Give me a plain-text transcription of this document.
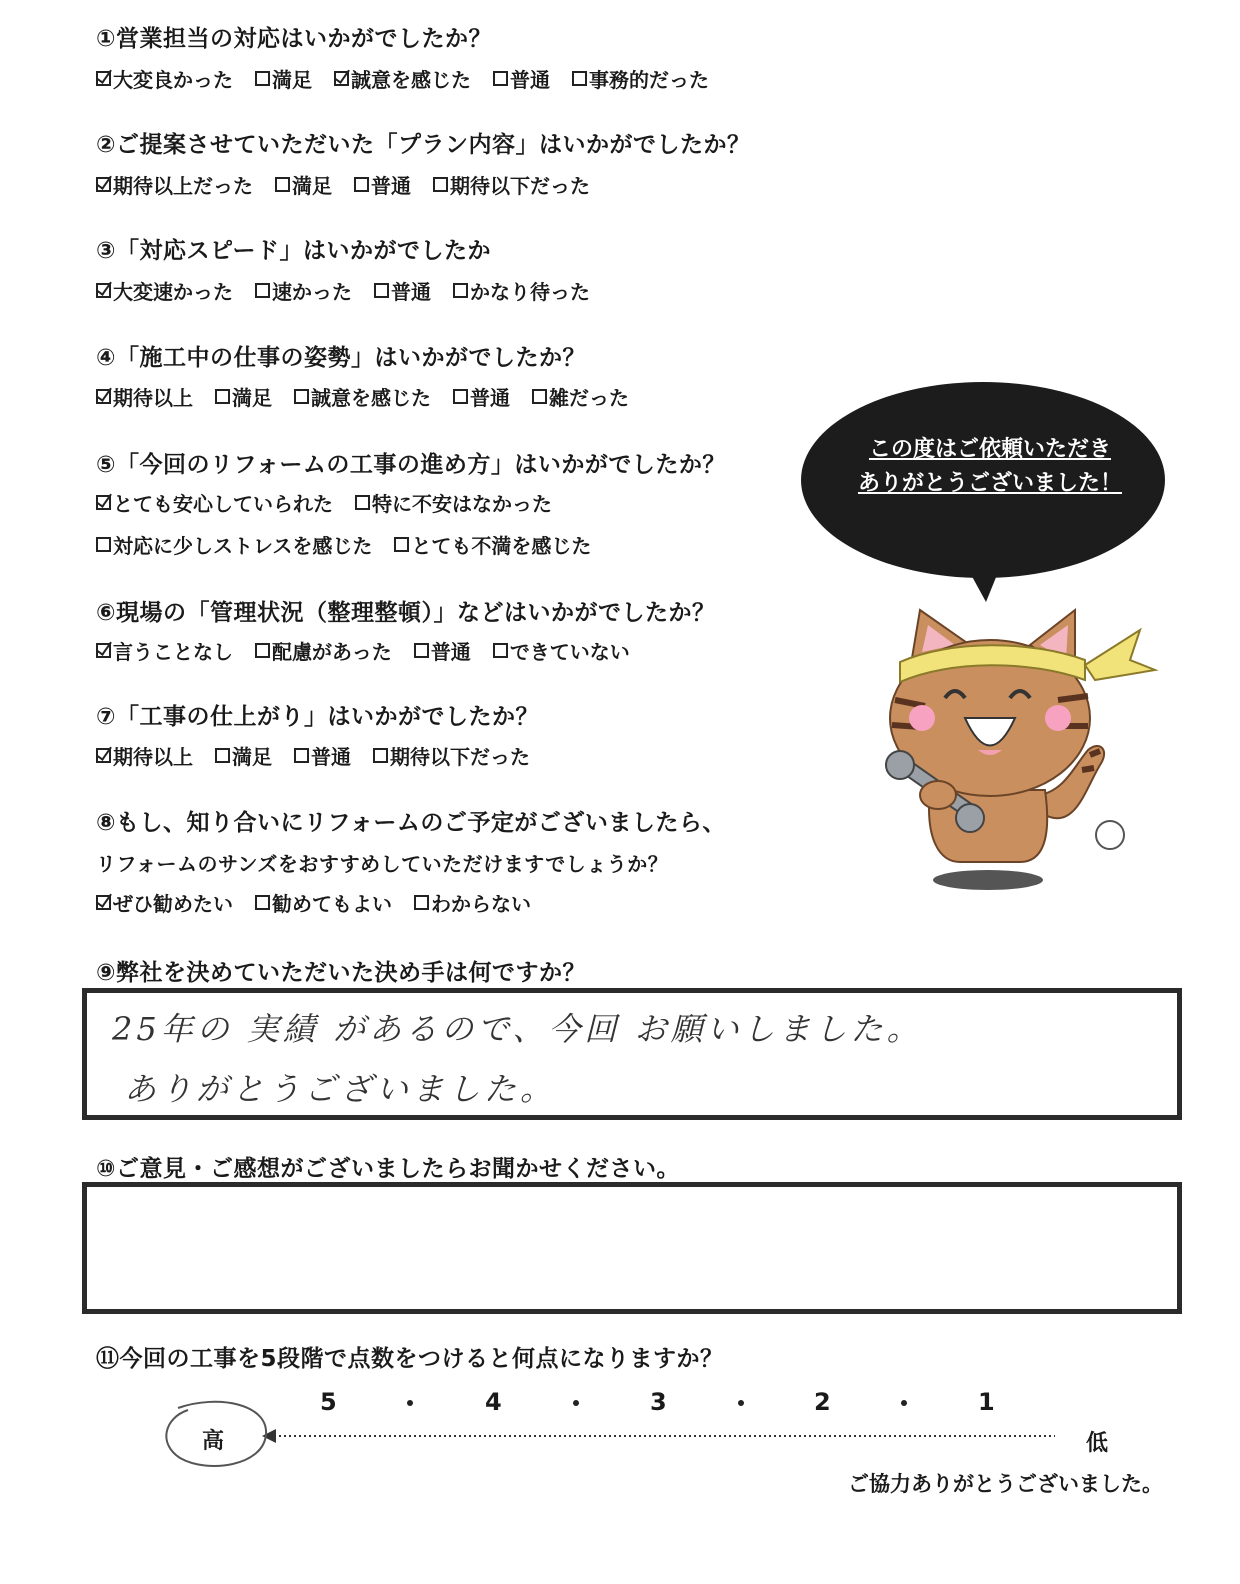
①営業担当の対応はいかがでしたか？
大変良かった 満足 誠意を感じた 普通 事務的だった
②ご提案させていただいた「プラン内容」はいかがでしたか？
期待以上だった 満足 普通 期待以下だった
③「対応スピード」はいかがでしたか
大変速かった 速かった 普通 かなり待った
④「施工中の仕事の姿勢」はいかがでしたか？
期待以上 満足 誠意を感じた 普通 雑だった
⑤「今回のリフォームの工事の進め方」はいかがでしたか？
とても安心していられた 特に不安はなかった
対応に少しストレスを感じた とても不満を感じた
⑥現場の「管理状況（整理整頓）」などはいかがでしたか？
言うことなし 配慮があった 普通 できていない
⑦「工事の仕上がり」はいかがでしたか？
期待以上 満足 普通 期待以下だった
⑧もし、知り合いにリフォームのご予定がございましたら、
リフォームのサンズをおすすめしていただけますでしょうか？
ぜひ勧めたい 勧めてもよい わからない
この度はご依頼いただき
ありがとうございました！
⑨弊社を決めていただいた決め手は何ですか？
25年の 実績 があるので、今回 お願いしました。
ありがとうございました。
⑩ご意見・ご感想がございましたらお聞かせください。
⑪今回の工事を5段階で点数をつけると何点になりますか？
5	4	3	2	1
高	低
ご協力ありがとうございました。
